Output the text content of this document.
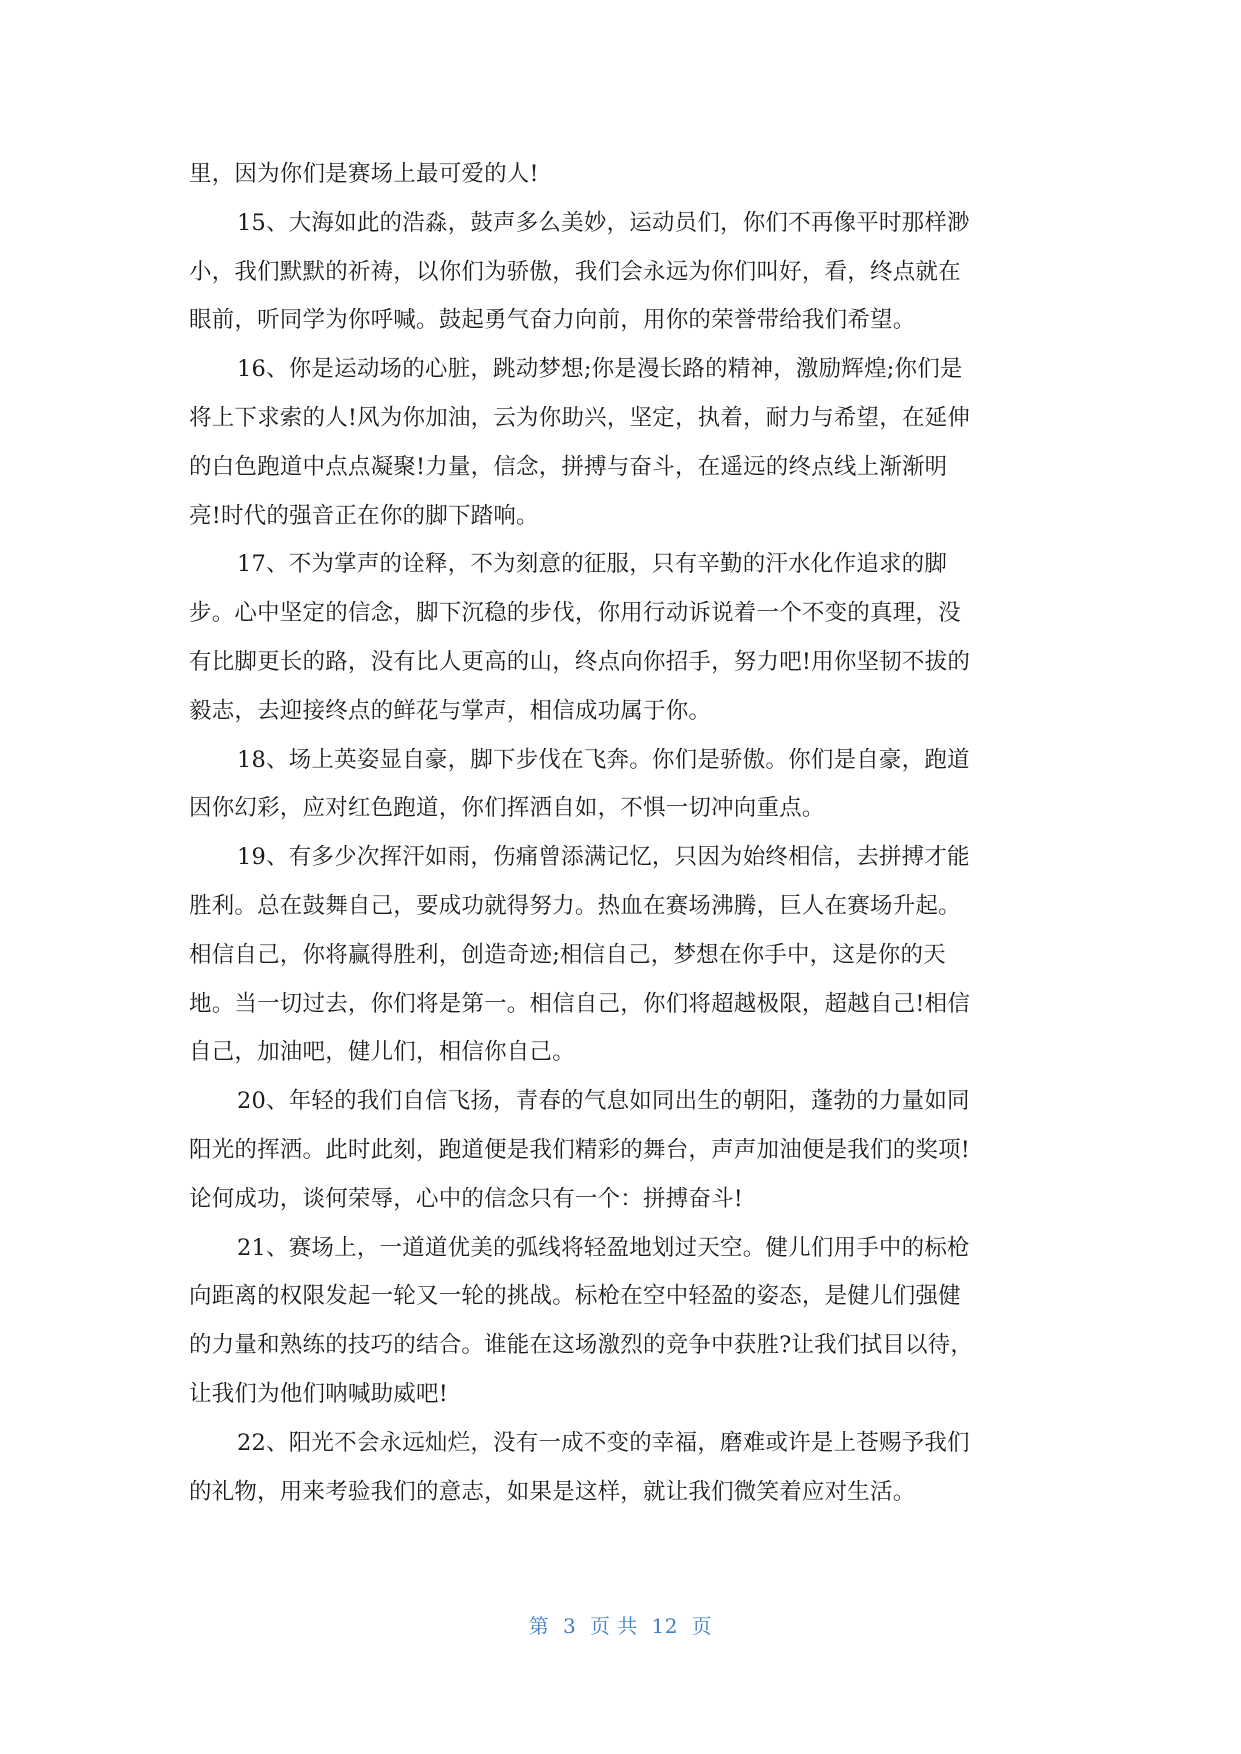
里，因为你们是赛场上最可爱的人!
15、大海如此的浩淼，鼓声多么美妙，运动员们，你们不再像平时那样渺
小，我们默默的祈祷，以你们为骄傲，我们会永远为你们叫好，看，终点就在
眼前，听同学为你呼喊。鼓起勇气奋力向前，用你的荣誉带给我们希望。
16、你是运动场的心脏，跳动梦想;你是漫长路的精神，激励辉煌;你们是
将上下求索的人!风为你加油，云为你助兴，坚定，执着，耐力与希望，在延伸
的白色跑道中点点凝聚!力量，信念，拼搏与奋斗，在遥远的终点线上渐渐明
亮!时代的强音正在你的脚下踏响。
17、不为掌声的诠释，不为刻意的征服，只有辛勤的汗水化作追求的脚
步。心中坚定的信念，脚下沉稳的步伐，你用行动诉说着一个不变的真理，没
有比脚更长的路，没有比人更高的山，终点向你招手，努力吧!用你坚韧不拔的
毅志，去迎接终点的鲜花与掌声，相信成功属于你。
18、场上英姿显自豪，脚下步伐在飞奔。你们是骄傲。你们是自豪，跑道
因你幻彩，应对红色跑道，你们挥洒自如，不惧一切冲向重点。
19、有多少次挥汗如雨，伤痛曾添满记忆，只因为始终相信，去拼搏才能
胜利。总在鼓舞自己，要成功就得努力。热血在赛场沸腾，巨人在赛场升起。
相信自己，你将赢得胜利，创造奇迹;相信自己，梦想在你手中，这是你的天
地。当一切过去，你们将是第一。相信自己，你们将超越极限，超越自己!相信
自己，加油吧，健儿们，相信你自己。
20、年轻的我们自信飞扬，青春的气息如同出生的朝阳，蓬勃的力量如同
阳光的挥洒。此时此刻，跑道便是我们精彩的舞台，声声加油便是我们的奖项!
论何成功，谈何荣辱，心中的信念只有一个：拼搏奋斗!
21、赛场上，一道道优美的弧线将轻盈地划过天空。健儿们用手中的标枪
向距离的权限发起一轮又一轮的挑战。标枪在空中轻盈的姿态，是健儿们强健
的力量和熟练的技巧的结合。谁能在这场激烈的竞争中获胜?让我们拭目以待，
让我们为他们呐喊助威吧!
22、阳光不会永远灿烂，没有一成不变的幸福，磨难或许是上苍赐予我们
的礼物，用来考验我们的意志，如果是这样，就让我们微笑着应对生活。
第  3  页 共  12  页
